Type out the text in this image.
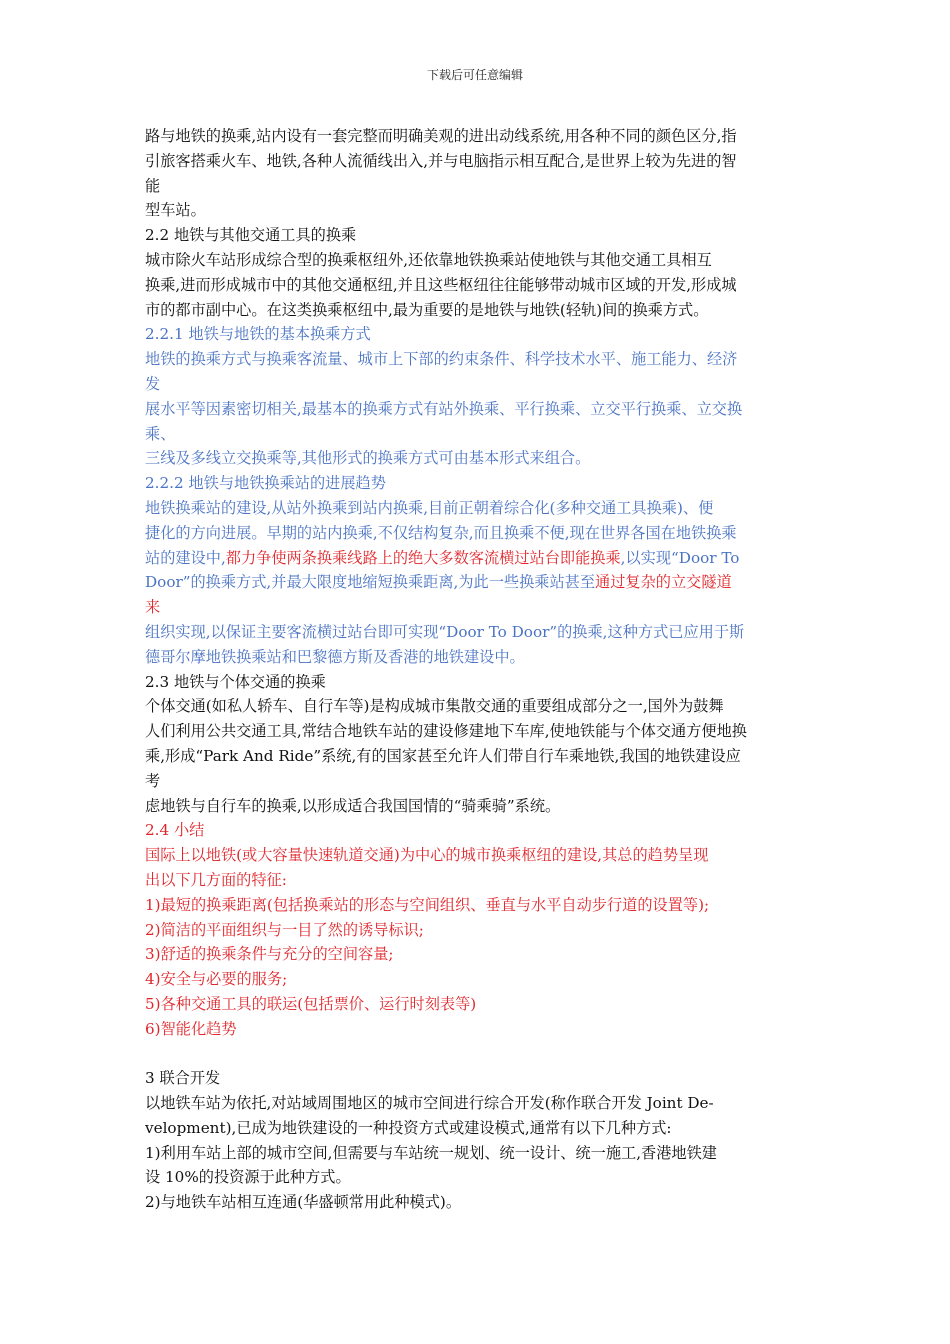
下载后可任意编辑
路与地铁的换乘,站内设有一套完整而明确美观的进出动线系统,用各种不同的颜色区分,指
引旅客搭乘火车、地铁,各种人流循线出入,并与电脑指示相互配合,是世界上较为先进的智
能
型车站。
2.2 地铁与其他交通工具的换乘
城市除火车站形成综合型的换乘枢纽外,还依靠地铁换乘站使地铁与其他交通工具相互
换乘,进而形成城市中的其他交通枢纽,并且这些枢纽往往能够带动城市区域的开发,形成城
市的都市副中心。在这类换乘枢纽中,最为重要的是地铁与地铁(轻轨)间的换乘方式。
2.2.1 地铁与地铁的基本换乘方式
地铁的换乘方式与换乘客流量、城市上下部的约束条件、科学技术水平、施工能力、经济
发
展水平等因素密切相关,最基本的换乘方式有站外换乘、平行换乘、立交平行换乘、立交换
乘、
三线及多线立交换乘等,其他形式的换乘方式可由基本形式来组合。
2.2.2 地铁与地铁换乘站的进展趋势
地铁换乘站的建设,从站外换乘到站内换乘,目前正朝着综合化(多种交通工具换乘)、便
捷化的方向进展。早期的站内换乘,不仅结构复杂,而且换乘不便,现在世界各国在地铁换乘
站的建设中,都力争使两条换乘线路上的绝大多数客流横过站台即能换乘,以实现“Door To
Door”的换乘方式,并最大限度地缩短换乘距离,为此一些换乘站甚至通过复杂的立交隧道
来
组织实现,以保证主要客流横过站台即可实现“Door To Door”的换乘,这种方式已应用于斯
德哥尔摩地铁换乘站和巴黎德方斯及香港的地铁建设中。
2.3 地铁与个体交通的换乘
个体交通(如私人轿车、自行车等)是构成城市集散交通的重要组成部分之一,国外为鼓舞
人们利用公共交通工具,常结合地铁车站的建设修建地下车库,使地铁能与个体交通方便地换
乘,形成“Park And Ride”系统,有的国家甚至允许人们带自行车乘地铁,我国的地铁建设应
考
虑地铁与自行车的换乘,以形成适合我国国情的“骑乘骑”系统。
2.4 小结
国际上以地铁(或大容量快速轨道交通)为中心的城市换乘枢纽的建设,其总的趋势呈现
出以下几方面的特征:
1)最短的换乘距离(包括换乘站的形态与空间组织、垂直与水平自动步行道的设置等);
2)简洁的平面组织与一目了然的诱导标识;
3)舒适的换乘条件与充分的空间容量;
4)安全与必要的服务;
5)各种交通工具的联运(包括票价、运行时刻表等)
6)智能化趋势
3 联合开发
以地铁车站为依托,对站域周围地区的城市空间进行综合开发(称作联合开发 Joint De-
velopment),已成为地铁建设的一种投资方式或建设模式,通常有以下几种方式:
1)利用车站上部的城市空间,但需要与车站统一规划、统一设计、统一施工,香港地铁建
设 10%的投资源于此种方式。
2)与地铁车站相互连通(华盛顿常用此种模式)。
